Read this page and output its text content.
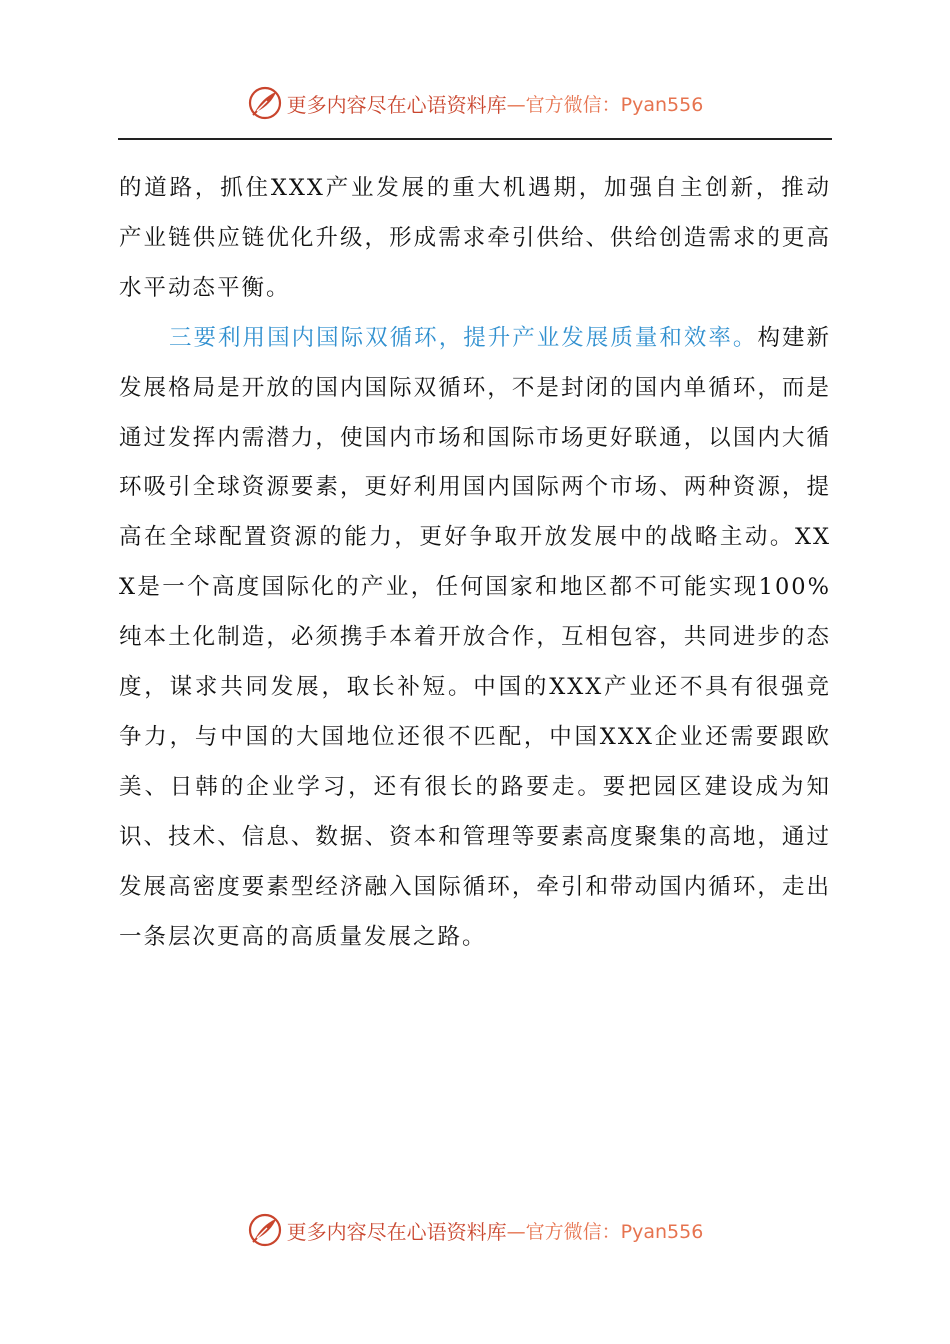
更多内容尽在心语资料库 —官方微信：Pyan556

的道路，抓住XXX产业发展的重大机遇期，加强自主创新，推动产业链供应链优化升级，形成需求牵引供给、供给创造需求的更高水平动态平衡。

三要利用国内国际双循环，提升产业发展质量和效率。构建新发展格局是开放的国内国际双循环，不是封闭的国内单循环，而是通过发挥内需潜力，使国内市场和国际市场更好联通，以国内大循环吸引全球资源要素，更好利用国内国际两个市场、两种资源，提高在全球配置资源的能力，更好争取开放发展中的战略主动。XXX是一个高度国际化的产业，任何国家和地区都不可能实现100%纯本土化制造，必须携手本着开放合作，互相包容，共同进步的态度，谋求共同发展，取长补短。中国的XXX产业还不具有很强竞争力，与中国的大国地位还很不匹配，中国XXX企业还需要跟欧美、日韩的企业学习，还有很长的路要走。要把园区建设成为知识、技术、信息、数据、资本和管理等要素高度聚集的高地，通过发展高密度要素型经济融入国际循环，牵引和带动国内循环，走出一条层次更高的高质量发展之路。

更多内容尽在心语资料库 —官方微信：Pyan556
